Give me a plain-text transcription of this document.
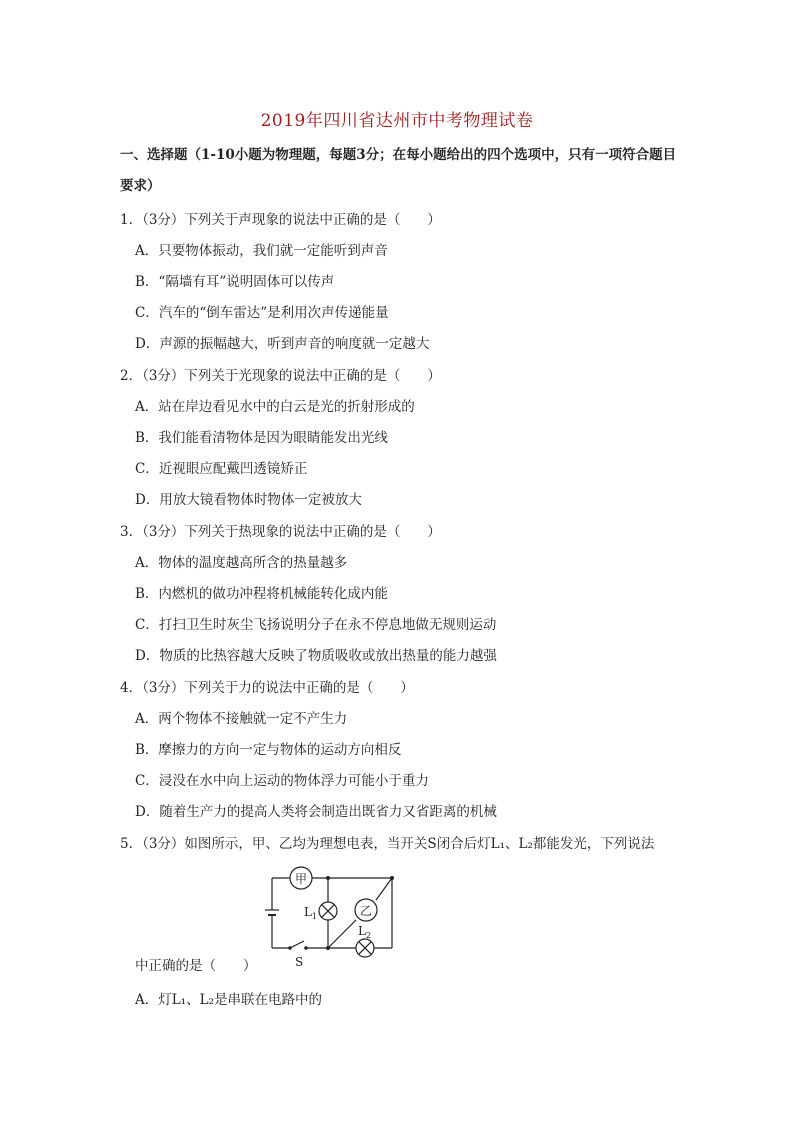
2019年四川省达州市中考物理试卷
一、选择题（1-10小题为物理题，每题3分；在每小题给出的四个选项中，只有一项符合题目要求）
1．（3分）下列关于声现象的说法中正确的是（　　）
A．只要物体振动，我们就一定能听到声音
B．“隔墙有耳”说明固体可以传声
C．汽车的“倒车雷达”是利用次声传递能量
D．声源的振幅越大，听到声音的响度就一定越大
2．（3分）下列关于光现象的说法中正确的是（　　）
A．站在岸边看见水中的白云是光的折射形成的
B．我们能看清物体是因为眼睛能发出光线
C．近视眼应配戴凹透镜矫正
D．用放大镜看物体时物体一定被放大
3．（3分）下列关于热现象的说法中正确的是（　　）
A．物体的温度越高所含的热量越多
B．内燃机的做功冲程将机械能转化成内能
C．打扫卫生时灰尘飞扬说明分子在永不停息地做无规则运动
D．物质的比热容越大反映了物质吸收或放出热量的能力越强
4．（3分）下列关于力的说法中正确的是（　　）
A．两个物体不接触就一定不产生力
B．摩擦力的方向一定与物体的运动方向相反
C．浸没在水中向上运动的物体浮力可能小于重力
D．随着生产力的提高人类将会制造出既省力又省距离的机械
5．（3分）如图所示，甲、乙均为理想电表，当开关S闭合后灯L₁、L₂都能发光，下列说法
甲
$L_1$	乙
$L_2$
S
中正确的是（　　）
A．灯L₁、L₂是串联在电路中的
